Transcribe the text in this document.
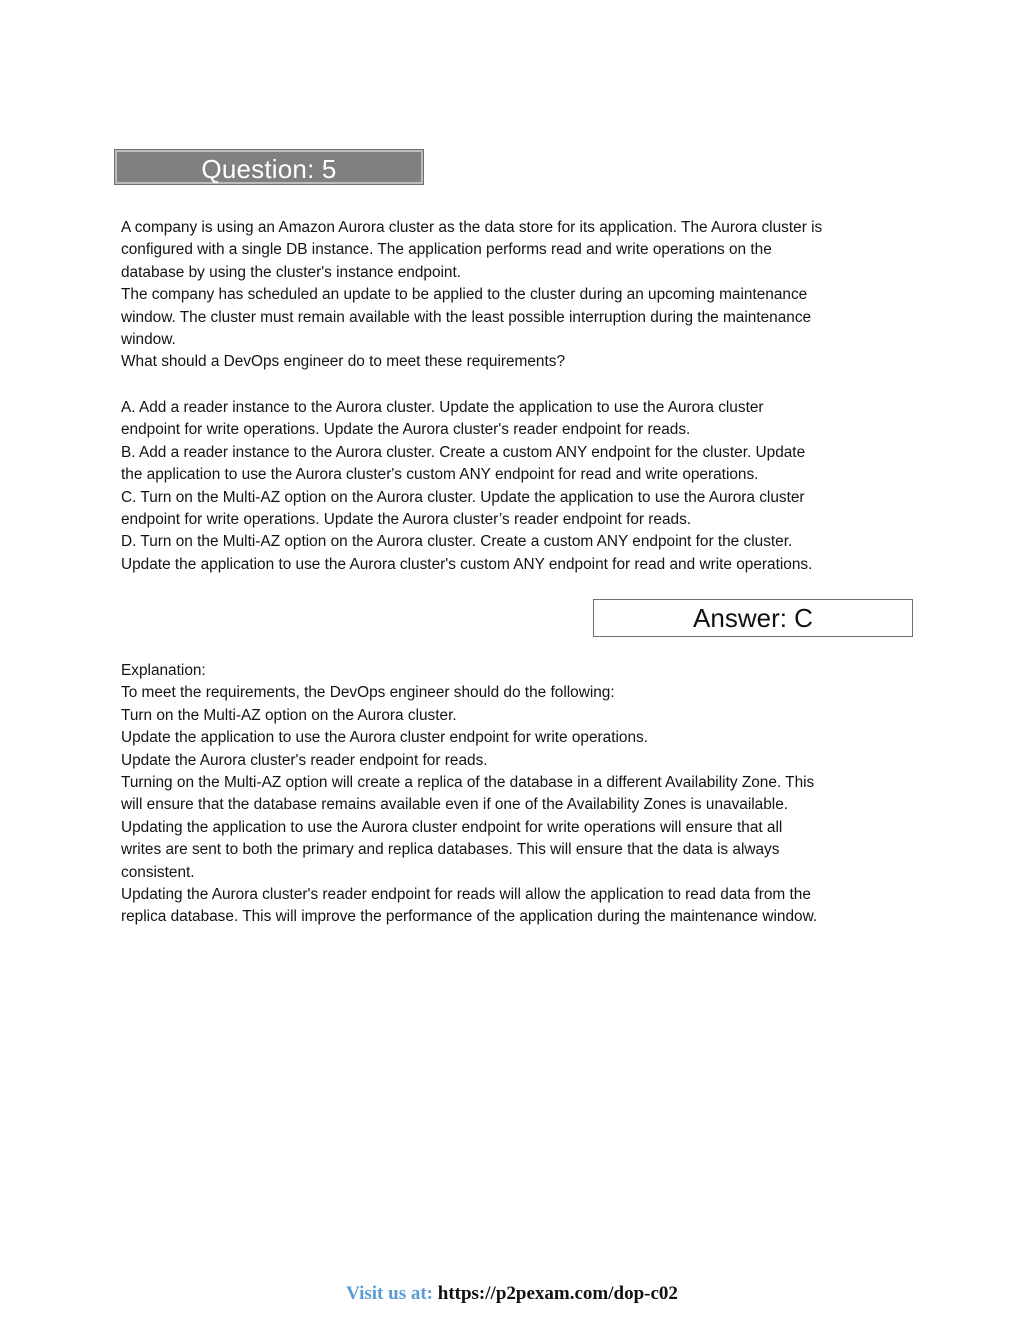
Question: 5

A company is using an Amazon Aurora cluster as the data store for its application. The Aurora cluster is

configured with a single DB instance. The application performs read and write operations on the

database by using the cluster's instance endpoint.

The company has scheduled an update to be applied to the cluster during an upcoming maintenance

window. The cluster must remain available with the least possible interruption during the maintenance

window.

What should a DevOps engineer do to meet these requirements?

A. Add a reader instance to the Aurora cluster. Update the application to use the Aurora cluster

endpoint for write operations. Update the Aurora cluster's reader endpoint for reads.

B. Add a reader instance to the Aurora cluster. Create a custom ANY endpoint for the cluster. Update

the application to use the Aurora cluster's custom ANY endpoint for read and write operations.

C. Turn on the Multi-AZ option on the Aurora cluster. Update the application to use the Aurora cluster

endpoint for write operations. Update the Aurora cluster’s reader endpoint for reads.

D. Turn on the Multi-AZ option on the Aurora cluster. Create a custom ANY endpoint for the cluster.

Update the application to use the Aurora cluster's custom ANY endpoint for read and write operations.

Answer: C

Explanation:

To meet the requirements, the DevOps engineer should do the following:

Turn on the Multi-AZ option on the Aurora cluster.

Update the application to use the Aurora cluster endpoint for write operations.

Update the Aurora cluster's reader endpoint for reads.

Turning on the Multi-AZ option will create a replica of the database in a different Availability Zone. This

will ensure that the database remains available even if one of the Availability Zones is unavailable.

Updating the application to use the Aurora cluster endpoint for write operations will ensure that all

writes are sent to both the primary and replica databases. This will ensure that the data is always

consistent.

Updating the Aurora cluster's reader endpoint for reads will allow the application to read data from the

replica database. This will improve the performance of the application during the maintenance window.

Visit us at: https://p2pexam.com/dop-c02
